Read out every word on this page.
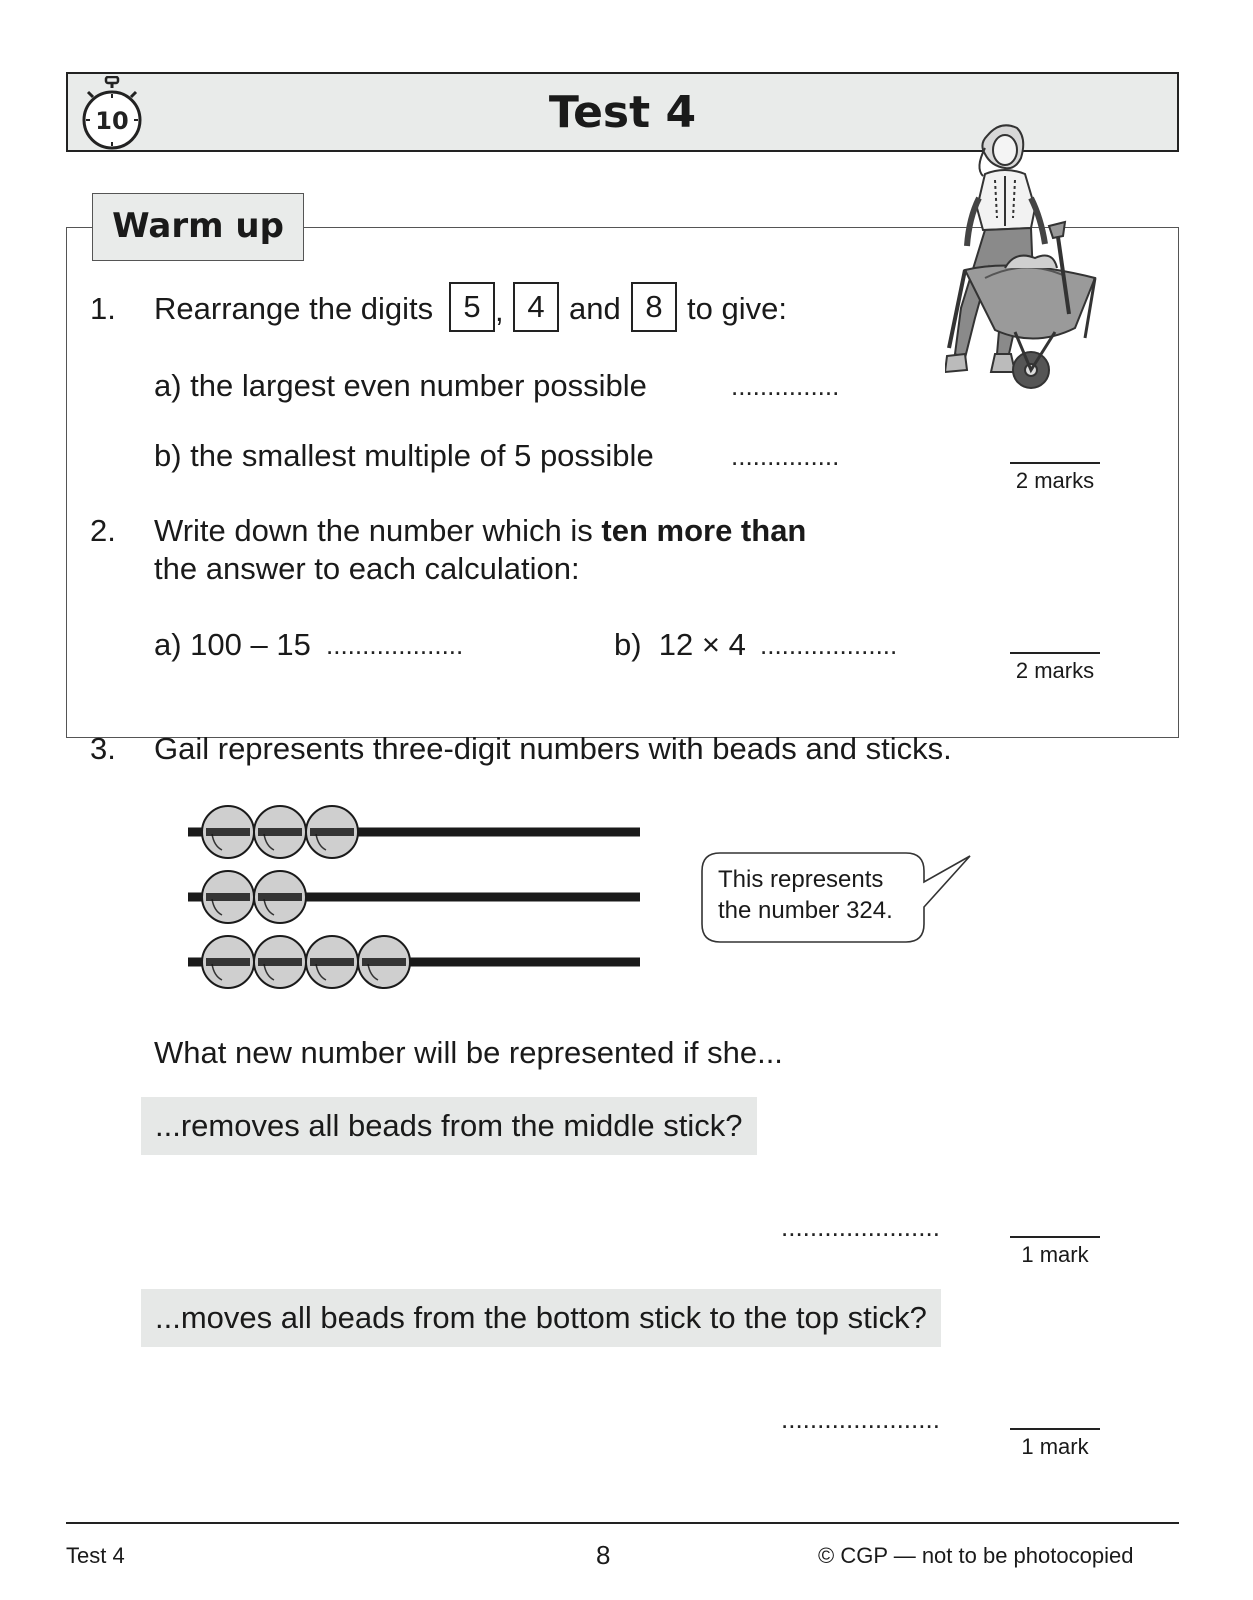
Test 4
10
Warm up
1. Rearrange the digits 5 , 4 and 8 to give:
a) the largest even number possible	...............
b) the smallest multiple of 5 possible	...............
2 marks
2. Write down the number which is ten more than
the answer to each calculation:
a) 100 – 15 ...................	b)  12 × 4 ...................
2 marks
3. Gail represents three-digit numbers with beads and sticks.
This represents
the number 324.
What new number will be represented if she...
...removes all beads from the middle stick?
......................
1 mark
...moves all beads from the bottom stick to the top stick?
......................
1 mark
Test 4	8	© CGP — not to be photocopied
